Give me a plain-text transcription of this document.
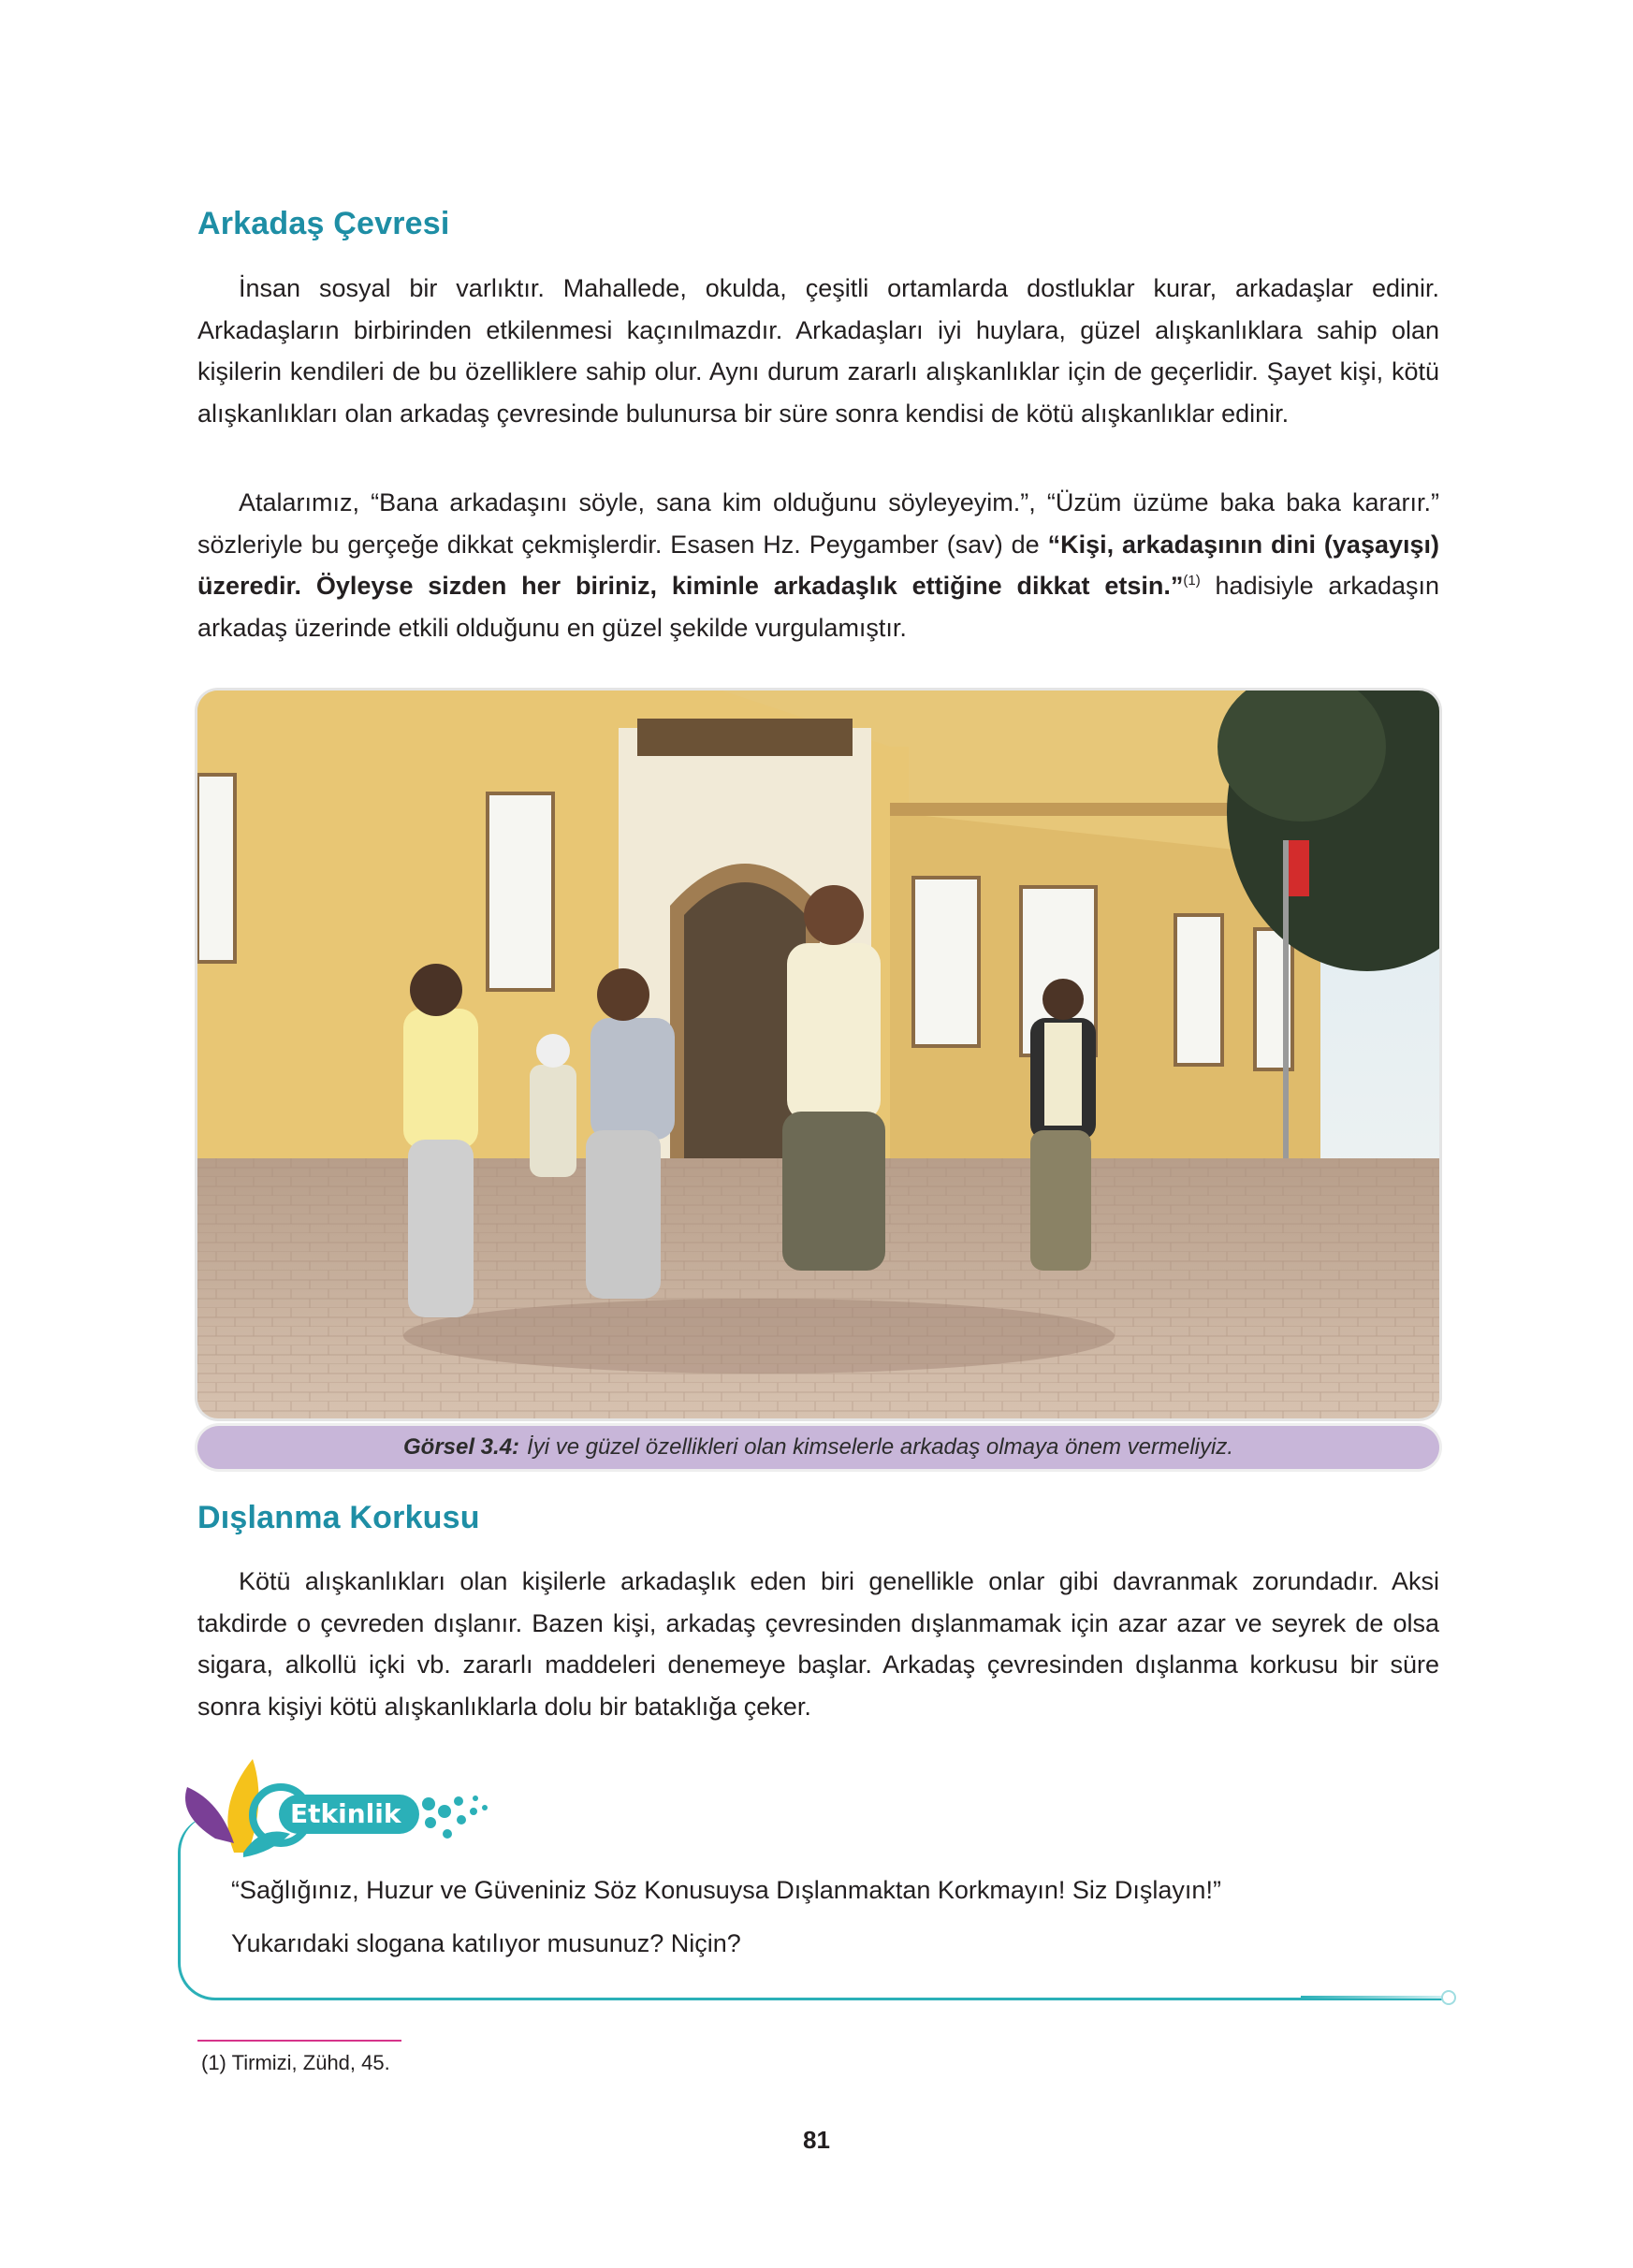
Arkadaş Çevresi

İnsan sosyal bir varlıktır. Mahallede, okulda, çeşitli ortamlarda dostluklar kurar, arkadaşlar edinir. Arkadaşların birbirinden etkilenmesi kaçınılmazdır. Arkadaşları iyi huylara, güzel alışkanlıklara sahip olan kişilerin kendileri de bu özelliklere sahip olur. Aynı durum zararlı alışkanlıklar için de geçerlidir. Şayet kişi, kötü alışkanlıkları olan arkadaş çevresinde bulunursa bir süre sonra kendisi de kötü alışkanlıklar edinir.

Atalarımız, “Bana arkadaşını söyle, sana kim olduğunu söyleyeyim.”, “Üzüm üzüme baka baka kararır.” sözleriyle bu gerçeğe dikkat çekmişlerdir. Esasen Hz. Peygamber (sav) de “Kişi, arkadaşının dini (yaşayışı) üzeredir. Öyleyse sizden her biriniz, kiminle arkadaşlık ettiğine dikkat etsin.”$^{(1)}$ hadisiyle arkadaşın arkadaş üzerinde etkili olduğunu en güzel şekilde vurgulamıştır.

Görsel 3.4: İyi ve güzel özellikleri olan kimselerle arkadaş olmaya önem vermeliyiz.
Dışlanma Korkusu

Kötü alışkanlıkları olan kişilerle arkadaşlık eden biri genellikle onlar gibi davranmak zorundadır. Aksi takdirde o çevreden dışlanır. Bazen kişi, arkadaş çevresinden dışlanmamak için azar azar ve seyrek de olsa sigara, alkollü içki vb. zararlı maddeleri denemeye başlar. Arkadaş çevresinden dışlanma korkusu bir süre sonra kişiyi kötü alışkanlıklarla dolu bir bataklığa çeker.

Etkinlik

“Sağlığınız, Huzur ve Güveniniz Söz Konusuysa Dışlanmaktan Korkmayın! Siz Dışlayın!”

Yukarıdaki slogana katılıyor musunuz? Niçin?

(1) Tirmizi, Zühd, 45.

81
